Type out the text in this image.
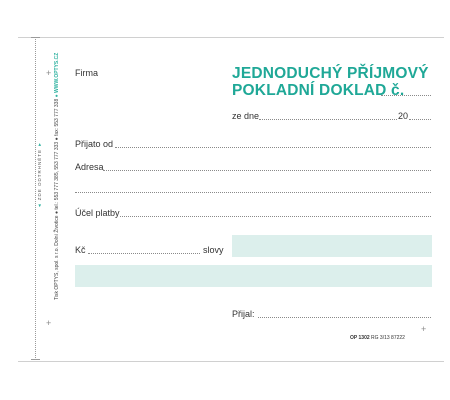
+
+
+
◄ ZDE ODTRHNĚTE ► Tisk OPTYS, spol. s r.o. Dolní Životice ● tel.: 553 777 385, 553 777 333 ● fax: 553 777 338 ● WWW.OPTYS.CZ Firma	JEDNODUCHÝ PŘÍJMOVÝ
POKLADNÍ DOKLAD č.
ze dne	20
Přijato od
Adresa
Účel platby
Kč	slovy
Přijal:
OP 1302 RG 3/13 87222
